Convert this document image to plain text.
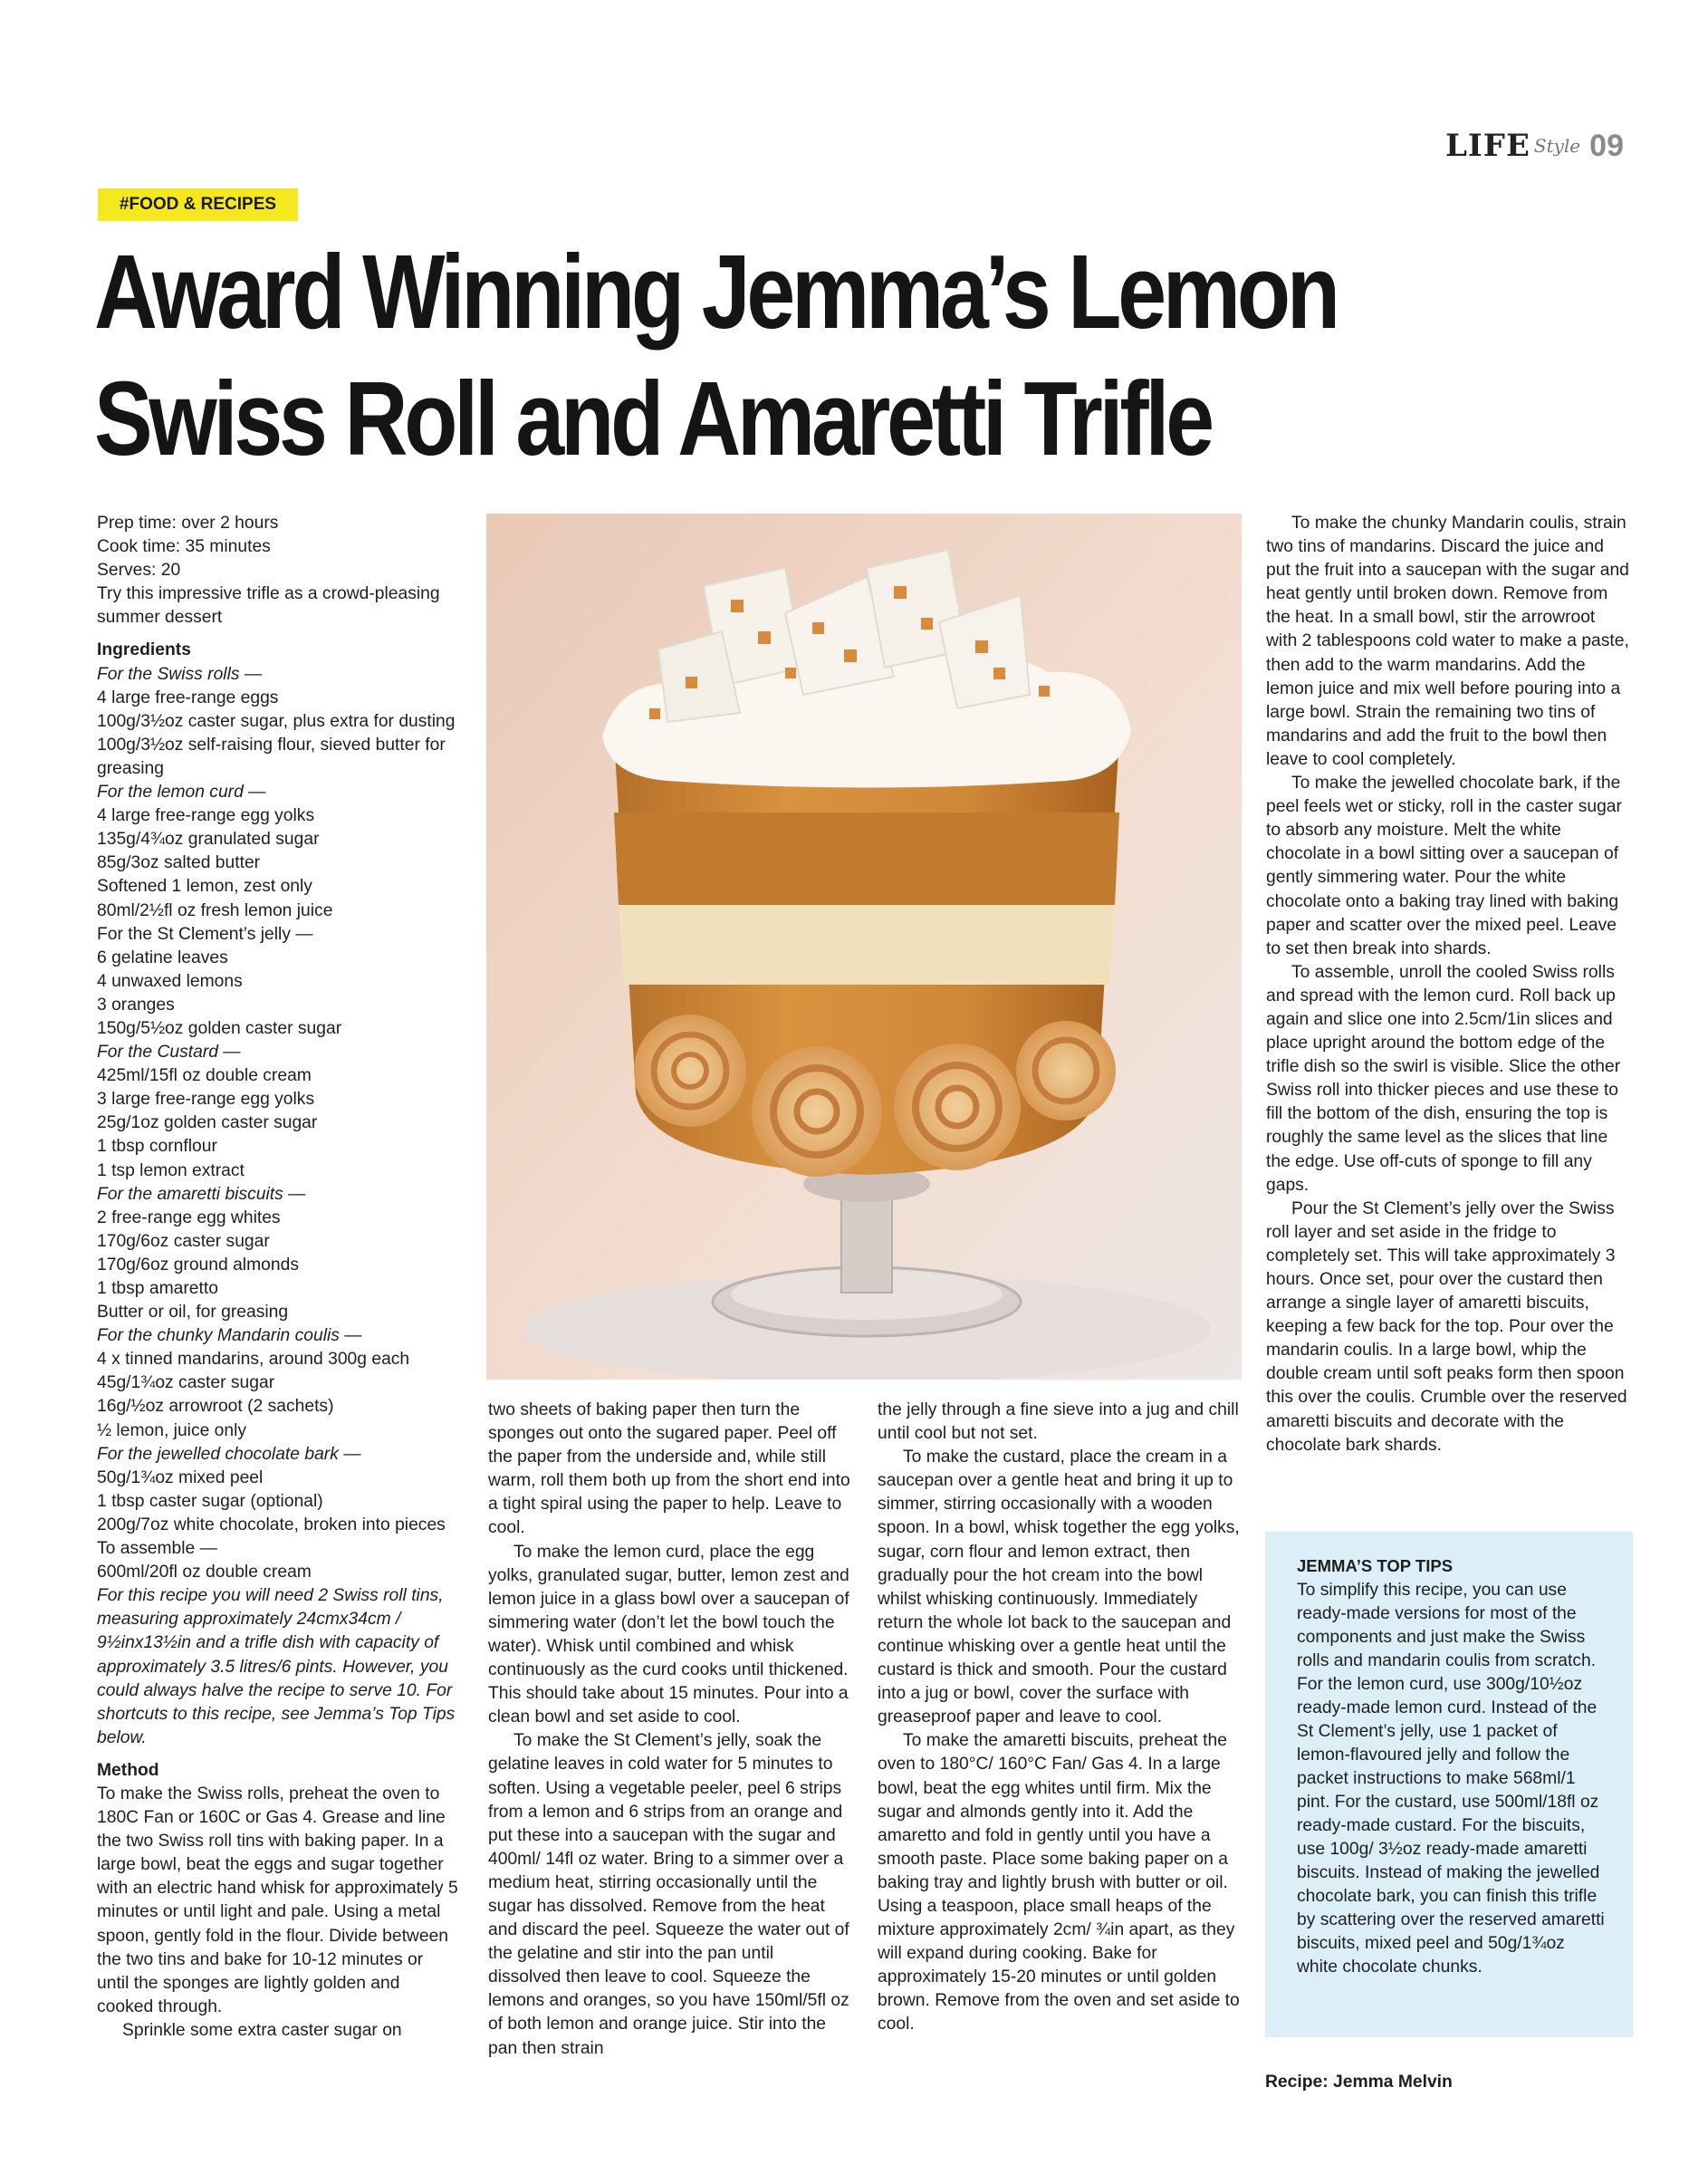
LIFE Style 09
#FOOD & RECIPES
Award Winning Jemma’s Lemon Swiss Roll and Amaretti Trifle

Prep time: over 2 hours

Cook time: 35 minutes

Serves: 20

Try this impressive trifle as a crowd-pleasing summer dessert

Ingredients

For the Swiss rolls —

4 large free-range eggs

100g/3½oz caster sugar, plus extra for dusting

100g/3½oz self-raising flour, sieved butter for greasing

For the lemon curd —

4 large free-range egg yolks

135g/4¾oz granulated sugar

85g/3oz salted butter

Softened 1 lemon, zest only

80ml/2½fl oz fresh lemon juice

For the St Clement’s jelly —

6 gelatine leaves

4 unwaxed lemons

3 oranges

150g/5½oz golden caster sugar

For the Custard —

425ml/15fl oz double cream

3 large free-range egg yolks

25g/1oz golden caster sugar

1 tbsp cornflour

1 tsp lemon extract

For the amaretti biscuits —

2 free-range egg whites

170g/6oz caster sugar

170g/6oz ground almonds

1 tbsp amaretto

Butter or oil, for greasing

For the chunky Mandarin coulis —

4 x tinned mandarins, around 300g each

45g/1¾oz caster sugar

16g/½oz arrowroot (2 sachets)

½ lemon, juice only

For the jewelled chocolate bark —

50g/1¾oz mixed peel

1 tbsp caster sugar (optional)

200g/7oz white chocolate, broken into pieces

To assemble —

600ml/20fl oz double cream

For this recipe you will need 2 Swiss roll tins, measuring approximately 24cmx34cm / 9½inx13½in and a trifle dish with capacity of approximately 3.5 litres/6 pints. However, you could always halve the recipe to serve 10. For shortcuts to this recipe, see Jemma’s Top Tips below.

Method

To make the Swiss rolls, preheat the oven to 180C Fan or 160C or Gas 4. Grease and line the two Swiss roll tins with baking paper. In a large bowl, beat the eggs and sugar together with an electric hand whisk for approximately 5 minutes or until light and pale. Using a metal spoon, gently fold in the flour. Divide between the two tins and bake for 10-12 minutes or until the sponges are lightly golden and cooked through.

Sprinkle some extra caster sugar on

two sheets of baking paper then turn the sponges out onto the sugared paper. Peel off the paper from the underside and, while still warm, roll them both up from the short end into a tight spiral using the paper to help. Leave to cool.

To make the lemon curd, place the egg yolks, granulated sugar, butter, lemon zest and lemon juice in a glass bowl over a saucepan of simmering water (don’t let the bowl touch the water). Whisk until combined and whisk continuously as the curd cooks until thickened. This should take about 15 minutes. Pour into a clean bowl and set aside to cool.

To make the St Clement’s jelly, soak the gelatine leaves in cold water for 5 minutes to soften. Using a vegetable peeler, peel 6 strips from a lemon and 6 strips from an orange and put these into a saucepan with the sugar and 400ml/ 14fl oz water. Bring to a simmer over a medium heat, stirring occasionally until the sugar has dissolved. Remove from the heat and discard the peel. Squeeze the water out of the gelatine and stir into the pan until dissolved then leave to cool. Squeeze the lemons and oranges, so you have 150ml/5fl oz of both lemon and orange juice. Stir into the pan then strain

the jelly through a fine sieve into a jug and chill until cool but not set.

To make the custard, place the cream in a saucepan over a gentle heat and bring it up to simmer, stirring occasionally with a wooden spoon. In a bowl, whisk together the egg yolks, sugar, corn flour and lemon extract, then gradually pour the hot cream into the bowl whilst whisking continuously. Immediately return the whole lot back to the saucepan and continue whisking over a gentle heat until the custard is thick and smooth. Pour the custard into a jug or bowl, cover the surface with greaseproof paper and leave to cool.

To make the amaretti biscuits, preheat the oven to 180°C/ 160°C Fan/ Gas 4. In a large bowl, beat the egg whites until firm. Mix the sugar and almonds gently into it. Add the amaretto and fold in gently until you have a smooth paste. Place some baking paper on a baking tray and lightly brush with butter or oil. Using a teaspoon, place small heaps of the mixture approximately 2cm/ ¾in apart, as they will expand during cooking. Bake for approximately 15-20 minutes or until golden brown. Remove from the oven and set aside to cool.

To make the chunky Mandarin coulis, strain two tins of mandarins. Discard the juice and put the fruit into a saucepan with the sugar and heat gently until broken down. Remove from the heat. In a small bowl, stir the arrowroot with 2 tablespoons cold water to make a paste, then add to the warm mandarins. Add the lemon juice and mix well before pouring into a large bowl. Strain the remaining two tins of mandarins and add the fruit to the bowl then leave to cool completely.

To make the jewelled chocolate bark, if the peel feels wet or sticky, roll in the caster sugar to absorb any moisture. Melt the white chocolate in a bowl sitting over a saucepan of gently simmering water. Pour the white chocolate onto a baking tray lined with baking paper and scatter over the mixed peel. Leave to set then break into shards.

To assemble, unroll the cooled Swiss rolls and spread with the lemon curd. Roll back up again and slice one into 2.5cm/1in slices and place upright around the bottom edge of the trifle dish so the swirl is visible. Slice the other Swiss roll into thicker pieces and use these to fill the bottom of the dish, ensuring the top is roughly the same level as the slices that line the edge. Use off-cuts of sponge to fill any gaps.

Pour the St Clement’s jelly over the Swiss roll layer and set aside in the fridge to completely set. This will take approximately 3 hours. Once set, pour over the custard then arrange a single layer of amaretti biscuits, keeping a few back for the top. Pour over the mandarin coulis. In a large bowl, whip the double cream until soft peaks form then spoon this over the coulis. Crumble over the reserved amaretti biscuits and decorate with the chocolate bark shards.

JEMMA’S TOP TIPS

To simplify this recipe, you can use ready-made versions for most of the components and just make the Swiss rolls and mandarin coulis from scratch. For the lemon curd, use 300g/10½oz ready-made lemon curd. Instead of the St Clement’s jelly, use 1 packet of lemon-flavoured jelly and follow the packet instructions to make 568ml/1 pint. For the custard, use 500ml/18fl oz ready-made custard. For the biscuits, use 100g/ 3½oz ready-made amaretti biscuits. Instead of making the jewelled chocolate bark, you can finish this trifle by scattering over the reserved amaretti biscuits, mixed peel and 50g/1¾oz white chocolate chunks.

Recipe: Jemma Melvin
